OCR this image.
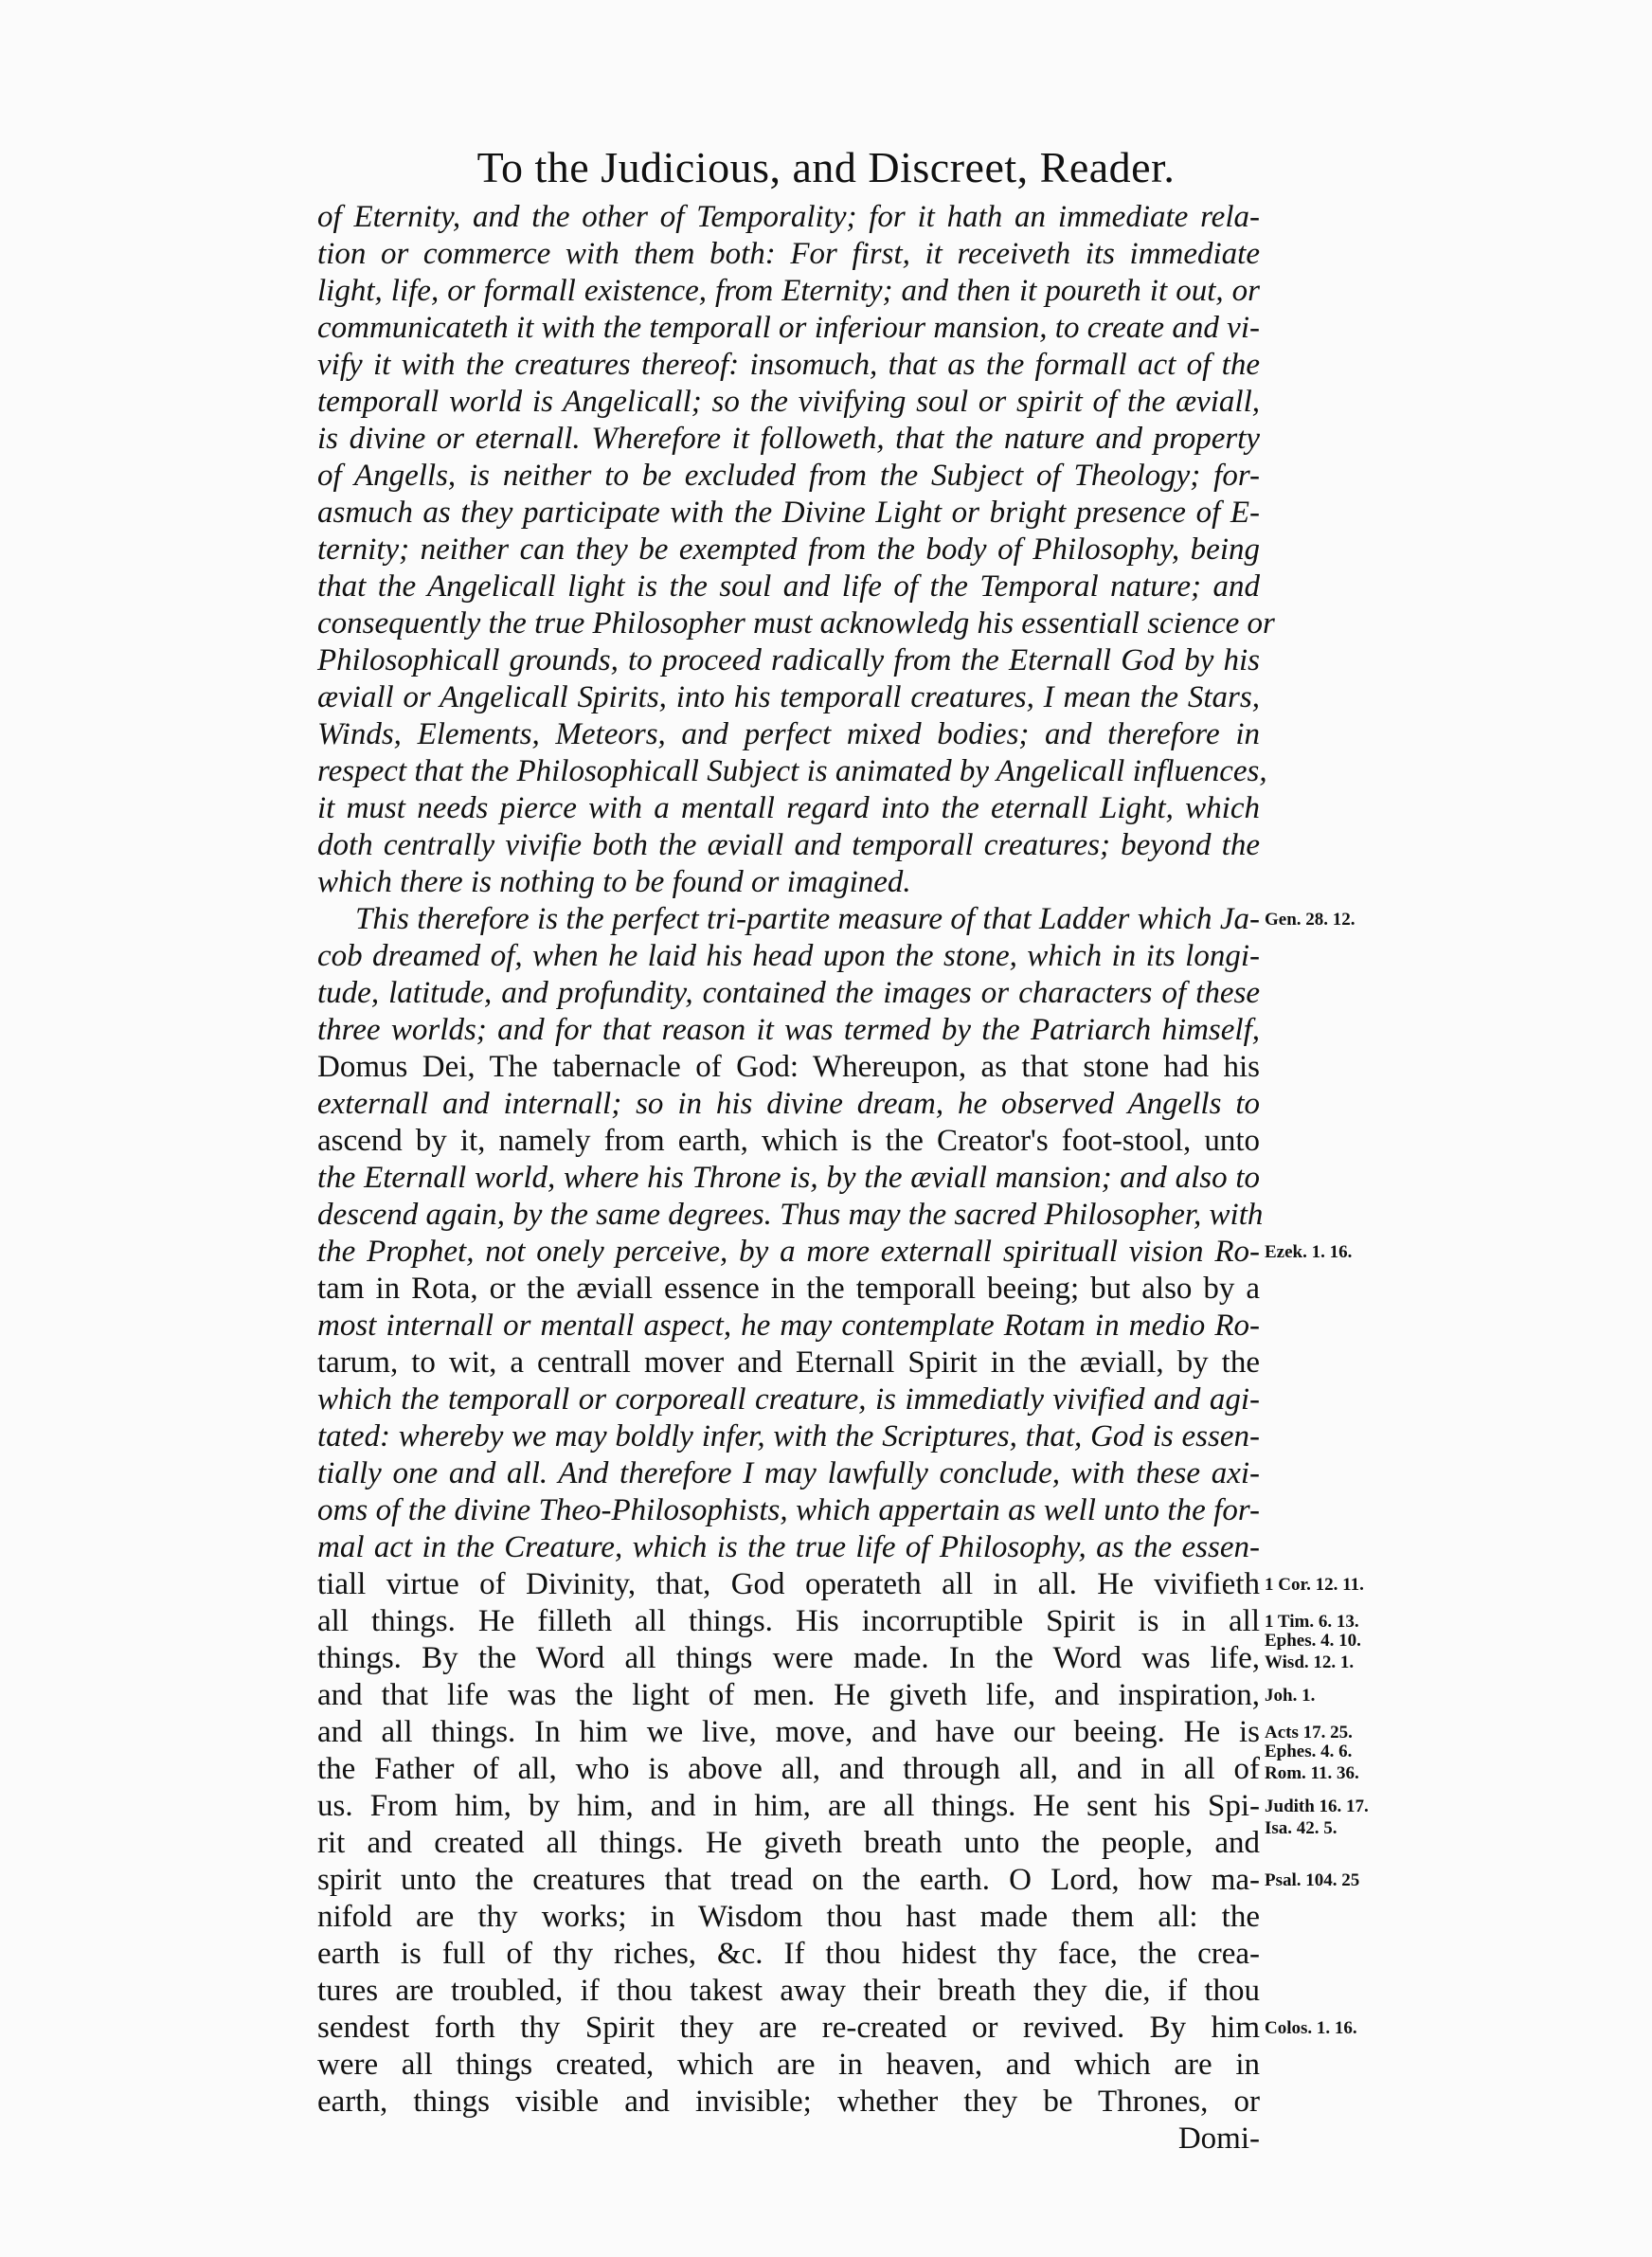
To the Judicious, and Discreet, Reader.
of Eternity, and the other of Temporality; for it hath an immediate rela-
tion or commerce with them both: For first, it receiveth its immediate
light, life, or formall existence, from Eternity; and then it poureth it out, or
communicateth it with the temporall or inferiour mansion, to create and vi-
vify it with the creatures thereof: insomuch, that as the formall act of the
temporall world is Angelicall; so the vivifying soul or spirit of the æviall,
is divine or eternall. Wherefore it followeth, that the nature and property
of Angells, is neither to be excluded from the Subject of Theology; for-
asmuch as they participate with the Divine Light or bright presence of E-
ternity; neither can they be exempted from the body of Philosophy, being
that the Angelicall light is the soul and life of the Temporal nature; and
consequently the true Philosopher must acknowledg his essentiall science or
Philosophicall grounds, to proceed radically from the Eternall God by his
æviall or Angelicall Spirits, into his temporall creatures, I mean the Stars,
Winds, Elements, Meteors, and perfect mixed bodies; and therefore in
respect that the Philosophicall Subject is animated by Angelicall influences,
it must needs pierce with a mentall regard into the eternall Light, which
doth centrally vivifie both the æviall and temporall creatures; beyond the
which there is nothing to be found or imagined.
This therefore is the perfect tri-partite measure of that Ladder which Ja-
cob dreamed of, when he laid his head upon the stone, which in its longi-
tude, latitude, and profundity, contained the images or characters of these
three worlds; and for that reason it was termed by the Patriarch himself,
Domus Dei, The tabernacle of God: Whereupon, as that stone had his
externall and internall; so in his divine dream, he observed Angells to
ascend by it, namely from earth, which is the Creator's foot-stool, unto
the Eternall world, where his Throne is, by the æviall mansion; and also to
descend again, by the same degrees. Thus may the sacred Philosopher, with
the Prophet, not onely perceive, by a more externall spirituall vision Ro-
tam in Rota, or the æviall essence in the temporall beeing; but also by a
most internall or mentall aspect, he may contemplate Rotam in medio Ro-
tarum, to wit, a centrall mover and Eternall Spirit in the æviall, by the
which the temporall or corporeall creature, is immediatly vivified and agi-
tated: whereby we may boldly infer, with the Scriptures, that, God is essen-
tially one and all. And therefore I may lawfully conclude, with these axi-
oms of the divine Theo-Philosophists, which appertain as well unto the for-
mal act in the Creature, which is the true life of Philosophy, as the essen-
tiall virtue of Divinity, that, God operateth all in all. He vivifieth
all things. He filleth all things. His incorruptible Spirit is in all
things. By the Word all things were made. In the Word was life,
and that life was the light of men. He giveth life, and inspiration,
and all things. In him we live, move, and have our beeing. He is
the Father of all, who is above all, and through all, and in all of
us. From him, by him, and in him, are all things. He sent his Spi-
rit and created all things. He giveth breath unto the people, and
spirit unto the creatures that tread on the earth. O Lord, how ma-
nifold are thy works; in Wisdom thou hast made them all: the
earth is full of thy riches, &c. If thou hidest thy face, the crea-
tures are troubled, if thou takest away their breath they die, if thou
sendest forth thy Spirit they are re-created or revived. By him
were all things created, which are in heaven, and which are in
earth, things visible and invisible; whether they be Thrones, or
Domi-
Gen. 28. 12.
Ezek. 1. 16.
1 Cor. 12. 11.
1 Tim. 6. 13.
Ephes. 4. 10.
Wisd. 12. 1.
Joh. 1.
Acts 17. 25.
Ephes. 4. 6.
Rom. 11. 36.
Judith 16. 17.
Isa. 42. 5.
Psal. 104. 25
Colos. 1. 16.
